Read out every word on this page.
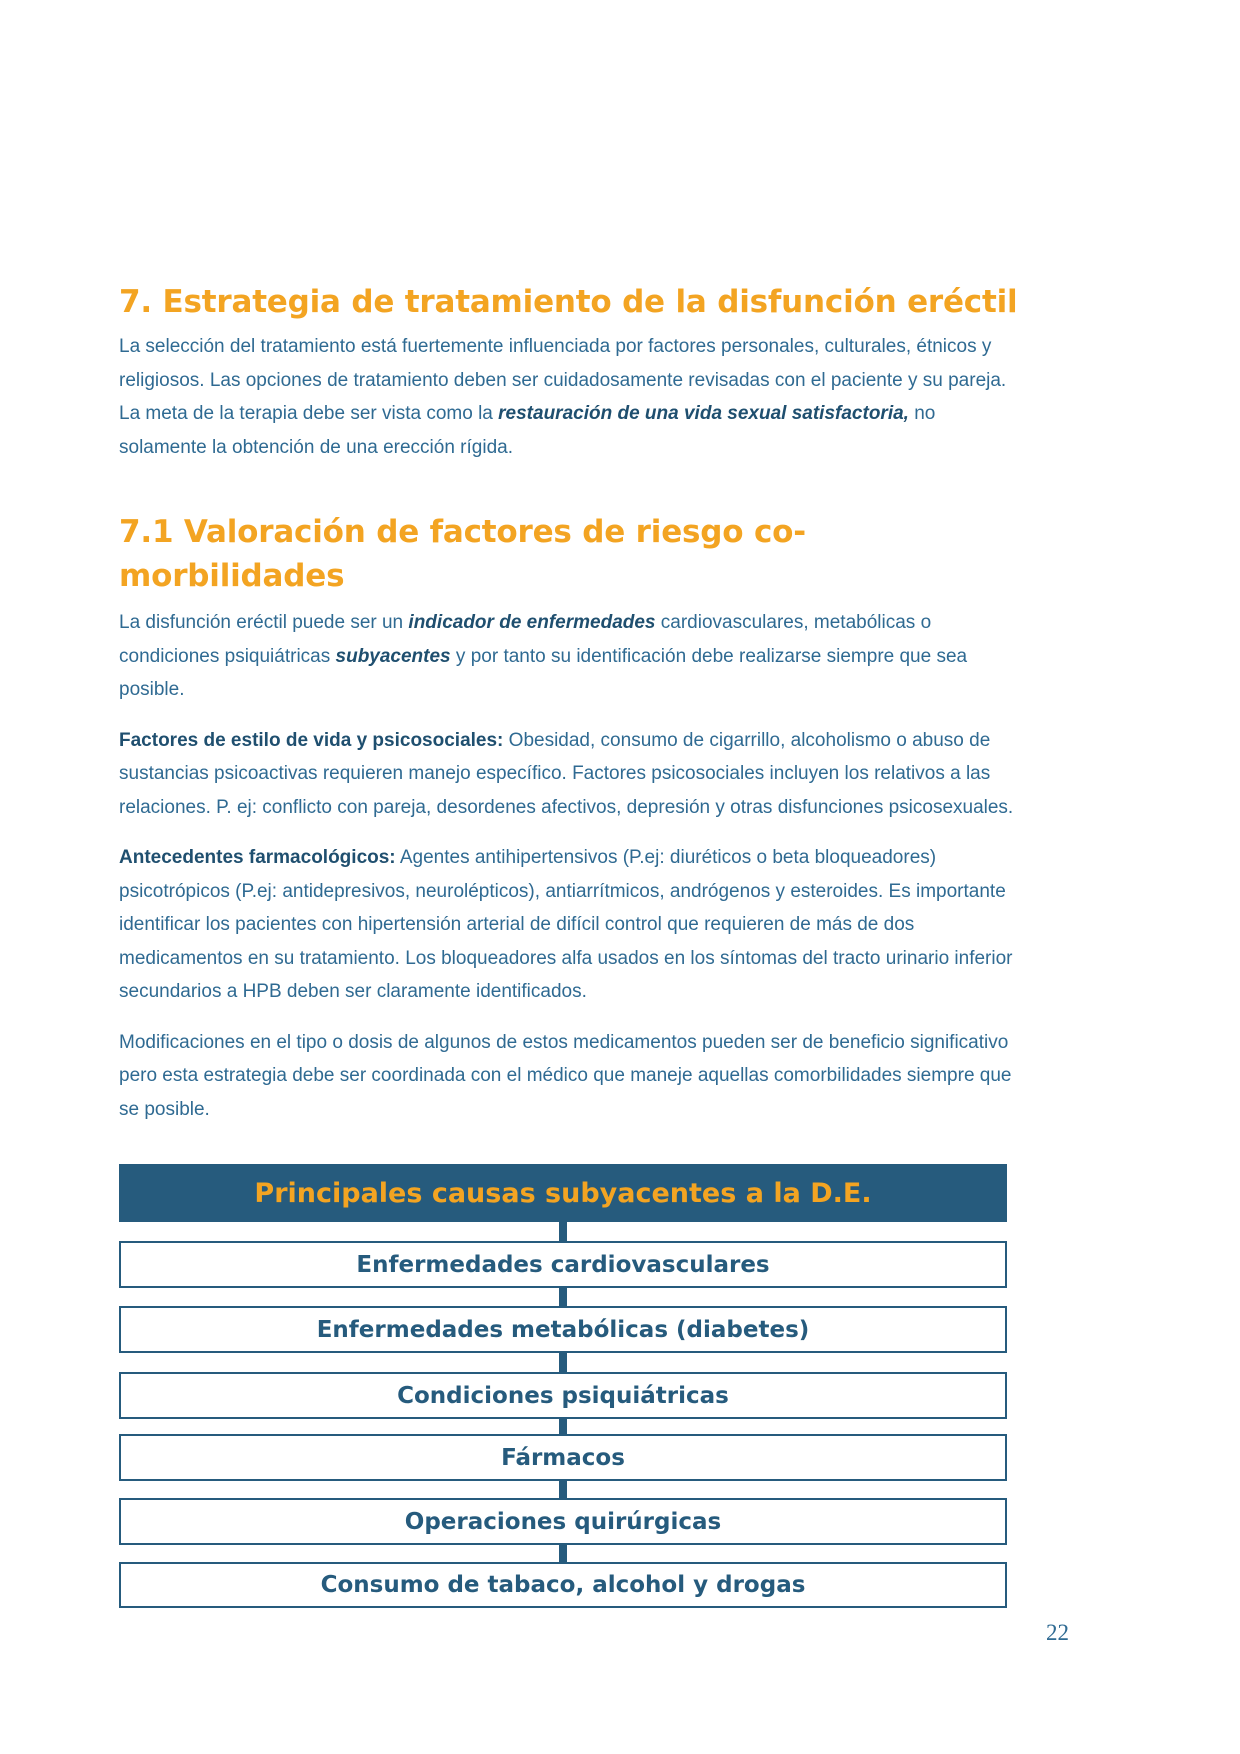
7. Estrategia de tratamiento de la disfunción eréctil

La selección del tratamiento está fuertemente influenciada por factores personales, culturales, étnicos y religiosos. Las opciones de tratamiento deben ser cuidadosamente revisadas con el paciente y su pareja. La meta de la terapia debe ser vista como la restauración de una vida sexual satisfactoria, no solamente la obtención de una erección rígida.

7.1 Valoración de factores de riesgo co-morbilidades

La disfunción eréctil puede ser un indicador de enfermedades cardiovasculares, metabólicas o condiciones psiquiátricas subyacentes y por tanto su identificación debe realizarse siempre que sea posible.

Factores de estilo de vida y psicosociales: Obesidad, consumo de cigarrillo, alcoholismo o abuso de sustancias psicoactivas requieren manejo específico. Factores psicosociales incluyen los relativos a las relaciones. P. ej: conflicto con pareja, desordenes afectivos, depresión y otras disfunciones psicosexuales.

Antecedentes farmacológicos: Agentes antihipertensivos (P.ej: diuréticos o beta bloqueadores) psicotrópicos (P.ej: antidepresivos, neurolépticos), antiarrítmicos, andrógenos y esteroides. Es importante identificar los pacientes con hipertensión arterial de difícil control que requieren de más de dos medicamentos en su tratamiento. Los bloqueadores alfa usados en los síntomas del tracto urinario inferior secundarios a HPB deben ser claramente identificados.

Modificaciones en el tipo o dosis de algunos de estos medicamentos pueden ser de beneficio significativo pero esta estrategia debe ser coordinada con el médico que maneje aquellas comorbilidades siempre que se posible.

Principales causas subyacentes a la D.E.
Enfermedades cardiovasculares
Enfermedades metabólicas (diabetes)
Condiciones psiquiátricas
Fármacos
Operaciones quirúrgicas
Consumo de tabaco, alcohol y drogas
22
